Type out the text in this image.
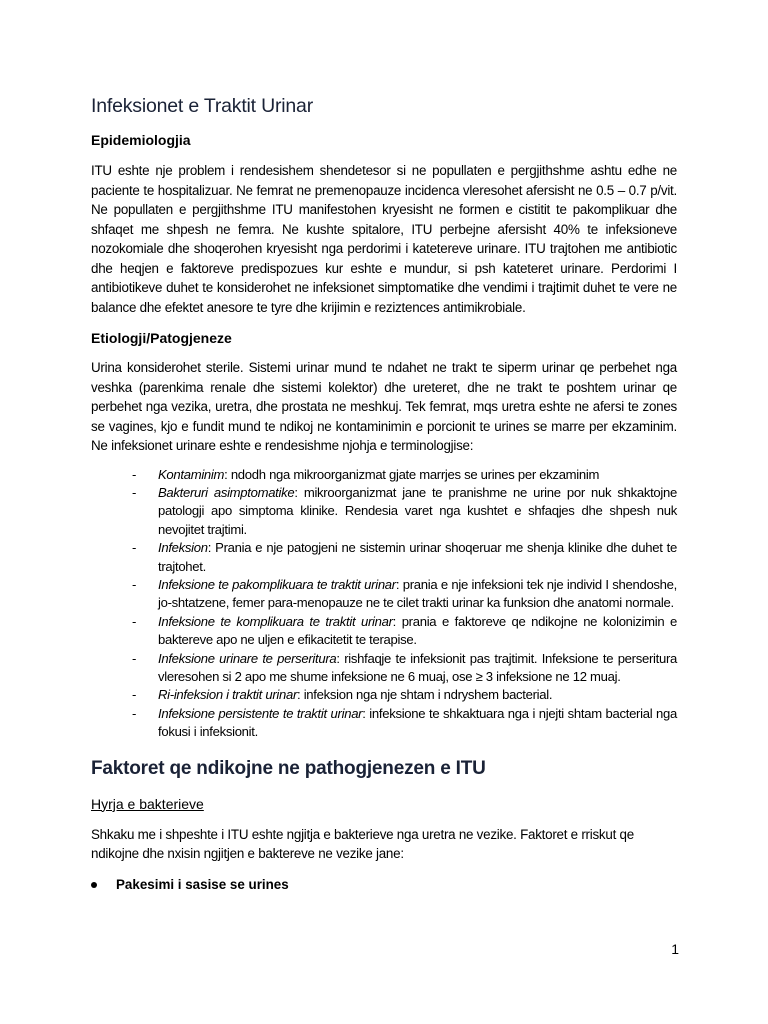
Infeksionet e Traktit Urinar
Epidemiologjia

ITU eshte nje problem i rendesishem shendetesor si ne popullaten e pergjithshme ashtu edhe ne paciente te hospitalizuar. Ne femrat ne premenopauze incidenca vleresohet afersisht ne 0.5 – 0.7 p/vit. Ne popullaten e pergjithshme ITU manifestohen kryesisht ne formen e cistitit te pakomplikuar dhe shfaqet me shpesh ne femra. Ne kushte spitalore, ITU perbejne afersisht 40% te infeksioneve nozokomiale dhe shoqerohen kryesisht nga perdorimi i katetereve urinare. ITU trajtohen me antibiotic dhe heqjen e faktoreve predispozues kur eshte e mundur, si psh kateteret urinare. Perdorimi I antibiotikeve duhet te konsiderohet ne infeksionet simptomatike dhe vendimi i trajtimit duhet te vere ne balance dhe efektet anesore te tyre dhe krijimin e reziztences antimikrobiale.

Etiologji/Patogjeneze

Urina konsiderohet sterile. Sistemi urinar mund te ndahet ne trakt te siperm urinar qe perbehet nga veshka (parenkima renale dhe sistemi kolektor) dhe ureteret, dhe ne trakt te poshtem urinar qe perbehet nga vezika, uretra, dhe prostata ne meshkuj. Tek femrat, mqs uretra eshte ne afersi te zones se vagines, kjo e fundit mund te ndikoj ne kontaminimin e porcionit te urines se marre per ekzaminim. Ne infeksionet urinare eshte e rendesishme njohja e terminologjise:

- Kontaminim: ndodh nga mikroorganizmat gjate marrjes se urines per ekzaminim
- Bakteruri asimptomatike: mikroorganizmat jane te pranishme ne urine por nuk shkaktojne patologji apo simptoma klinike. Rendesia varet nga kushtet e shfaqjes dhe shpesh nuk nevojitet trajtimi.
- Infeksion: Prania e nje patogjeni ne sistemin urinar shoqeruar me shenja klinike dhe duhet te trajtohet.
- Infeksione te pakomplikuara te traktit urinar: prania e nje infeksioni tek nje individ I shendoshe, jo-shtatzene, femer para-menopauze ne te cilet trakti urinar ka funksion dhe anatomi normale.
- Infeksione te komplikuara te traktit urinar: prania e faktoreve qe ndikojne ne kolonizimin e baktereve apo ne uljen e efikacitetit te terapise.
- Infeksione urinare te perseritura: rishfaqje te infeksionit pas trajtimit. Infeksione te perseritura vleresohen si 2 apo me shume infeksione ne 6 muaj, ose ≥ 3 infeksione ne 12 muaj.
- Ri-infeksion i traktit urinar: infeksion nga nje shtam i ndryshem bacterial.
- Infeksione persistente te traktit urinar: infeksione te shkaktuara nga i njejti shtam bacterial nga fokusi i infeksionit.
Faktoret qe ndikojne ne pathogjenezen e ITU
Hyrja e bakterieve

Shkaku me i shpeshte i ITU eshte ngjitja e bakterieve nga uretra ne vezike. Faktoret e rriskut qe ndikojne dhe nxisin ngjitjen e baktereve ne vezike jane:

Pakesimi i sasise se urines
1
